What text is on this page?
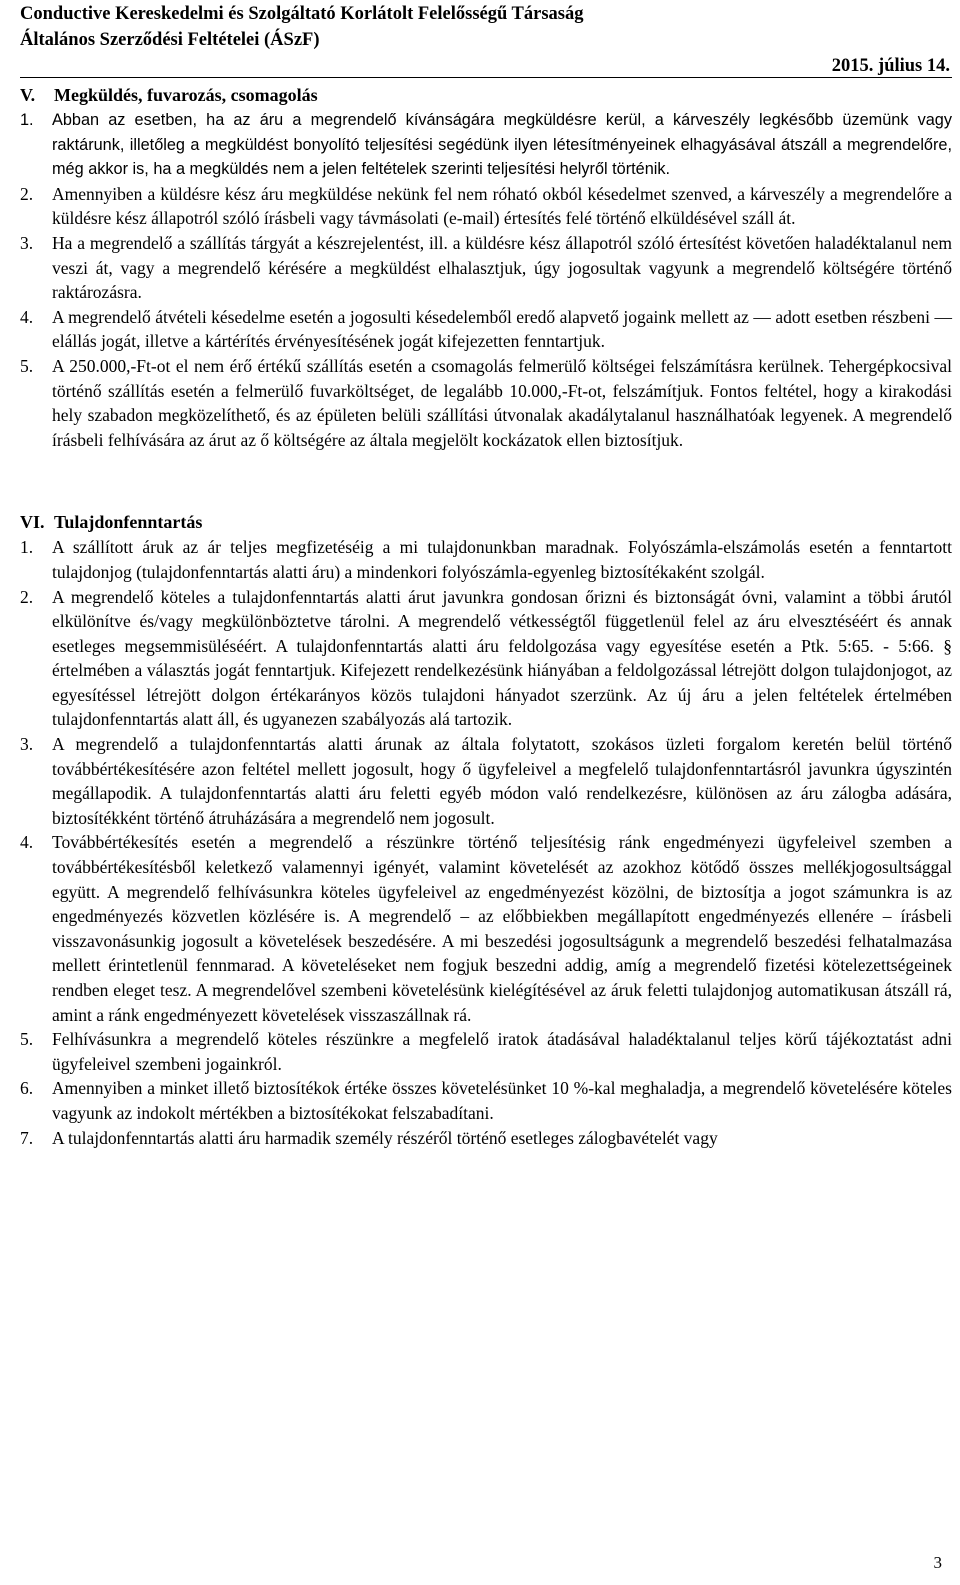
Conductive Kereskedelmi és Szolgáltató Korlátolt Felelősségű Társaság
Általános Szerződési Feltételei (ÁSzF)
2015. július 14.
V.	Megküldés, fuvarozás, csomagolás
1.	Abban az esetben, ha az áru a megrendelő kívánságára megküldésre kerül, a kárveszély legkésőbb üzemünk vagy raktárunk, illetőleg a megküldést bonyolító teljesítési segédünk ilyen létesítményeinek elhagyásával átszáll a megrendelőre, még akkor is, ha a megküldés nem a jelen feltételek szerinti teljesítési helyről történik.
2.	Amennyiben a küldésre kész áru megküldése nekünk fel nem róható okból késedelmet szenved, a kárveszély a megrendelőre a küldésre kész állapotról szóló írásbeli vagy távmásolati (e-mail) értesítés felé történő elküldésével száll át.
3.	Ha a megrendelő a szállítás tárgyát a készrejelentést, ill. a küldésre kész állapotról szóló értesítést követően haladéktalanul nem veszi át, vagy a megrendelő kérésére a megküldést elhalasztjuk, úgy jogosultak vagyunk a megrendelő költségére történő raktározásra.
4.	A megrendelő átvételi késedelme esetén a jogosulti késedelemből eredő alapvető jogaink mellett az — adott esetben részbeni — elállás jogát, illetve a kártérítés érvényesítésének jogát kifejezetten fenntartjuk.
5.	A 250.000,-Ft-ot el nem érő értékű szállítás esetén a csomagolás felmerülő költségei felszámításra kerülnek. Tehergépkocsival történő szállítás esetén a felmerülő fuvarköltséget, de legalább 10.000,-Ft-ot, felszámítjuk. Fontos feltétel, hogy a kirakodási hely szabadon megközelíthető, és az épületen belüli szállítási útvonalak akadálytalanul használhatóak legyenek. A megrendelő írásbeli felhívására az árut az ő költségére az általa megjelölt kockázatok ellen biztosítjuk.
VI. Tulajdonfenntartás
1.	A szállított áruk az ár teljes megfizetéséig a mi tulajdonunkban maradnak. Folyószámla-elszámolás esetén a fenntartott tulajdonjog (tulajdonfenntartás alatti áru) a mindenkori folyószámla-egyenleg biztosítékaként szolgál.
2.	A megrendelő köteles a tulajdonfenntartás alatti árut javunkra gondosan őrizni és biztonságát óvni, valamint a többi árutól elkülönítve és/vagy megkülönböztetve tárolni. A megrendelő vétkességtől függetlenül felel az áru elvesztéséért és annak esetleges megsemmisüléséért. A tulajdonfenntartás alatti áru feldolgozása vagy egyesítése esetén a Ptk. 5:65. - 5:66. § értelmében a választás jogát fenntartjuk. Kifejezett rendelkezésünk hiányában a feldolgozással létrejött dolgon tulajdonjogot, az egyesítéssel létrejött dolgon értékarányos közös tulajdoni hányadot szerzünk. Az új áru a jelen feltételek értelmében tulajdonfenntartás alatt áll, és ugyanezen szabályozás alá tartozik.
3.	A megrendelő a tulajdonfenntartás alatti árunak az általa folytatott, szokásos üzleti forgalom keretén belül történő továbbértékesítésére azon feltétel mellett jogosult, hogy ő ügyfeleivel a megfelelő tulajdonfenntartásról javunkra úgyszintén megállapodik. A tulajdonfenntartás alatti áru feletti egyéb módon való rendelkezésre, különösen az áru zálogba adására, biztosítékként történő átruházására a megrendelő nem jogosult.
4.	Továbbértékesítés esetén a megrendelő a részünkre történő teljesítésig ránk engedményezi ügyfeleivel szemben a továbbértékesítésből keletkező valamennyi igényét, valamint követelését az azokhoz kötődő összes mellékjogosultsággal együtt. A megrendelő felhívásunkra köteles ügyfeleivel az engedményezést közölni, de biztosítja a jogot számunkra is az engedményezés közvetlen közlésére is. A megrendelő – az előbbiekben megállapított engedményezés ellenére – írásbeli visszavonásunkig jogosult a követelések beszedésére. A mi beszedési jogosultságunk a megrendelő beszedési felhatalmazása mellett érintetlenül fennmarad. A követeléseket nem fogjuk beszedni addig, amíg a megrendelő fizetési kötelezettségeinek rendben eleget tesz. A megrendelővel szembeni követelésünk kielégítésével az áruk feletti tulajdonjog automatikusan átszáll rá, amint a ránk engedményezett követelések visszaszállnak rá.
5.	Felhívásunkra a megrendelő köteles részünkre a megfelelő iratok átadásával haladéktalanul teljes körű tájékoztatást adni ügyfeleivel szembeni jogainkról.
6.	Amennyiben a minket illető biztosítékok értéke összes követelésünket 10 %-kal meghaladja, a megrendelő követelésére köteles vagyunk az indokolt mértékben a biztosítékokat felszabadítani.
7.	A tulajdonfenntartás alatti áru harmadik személy részéről történő esetleges zálogbavételét vagy
3
